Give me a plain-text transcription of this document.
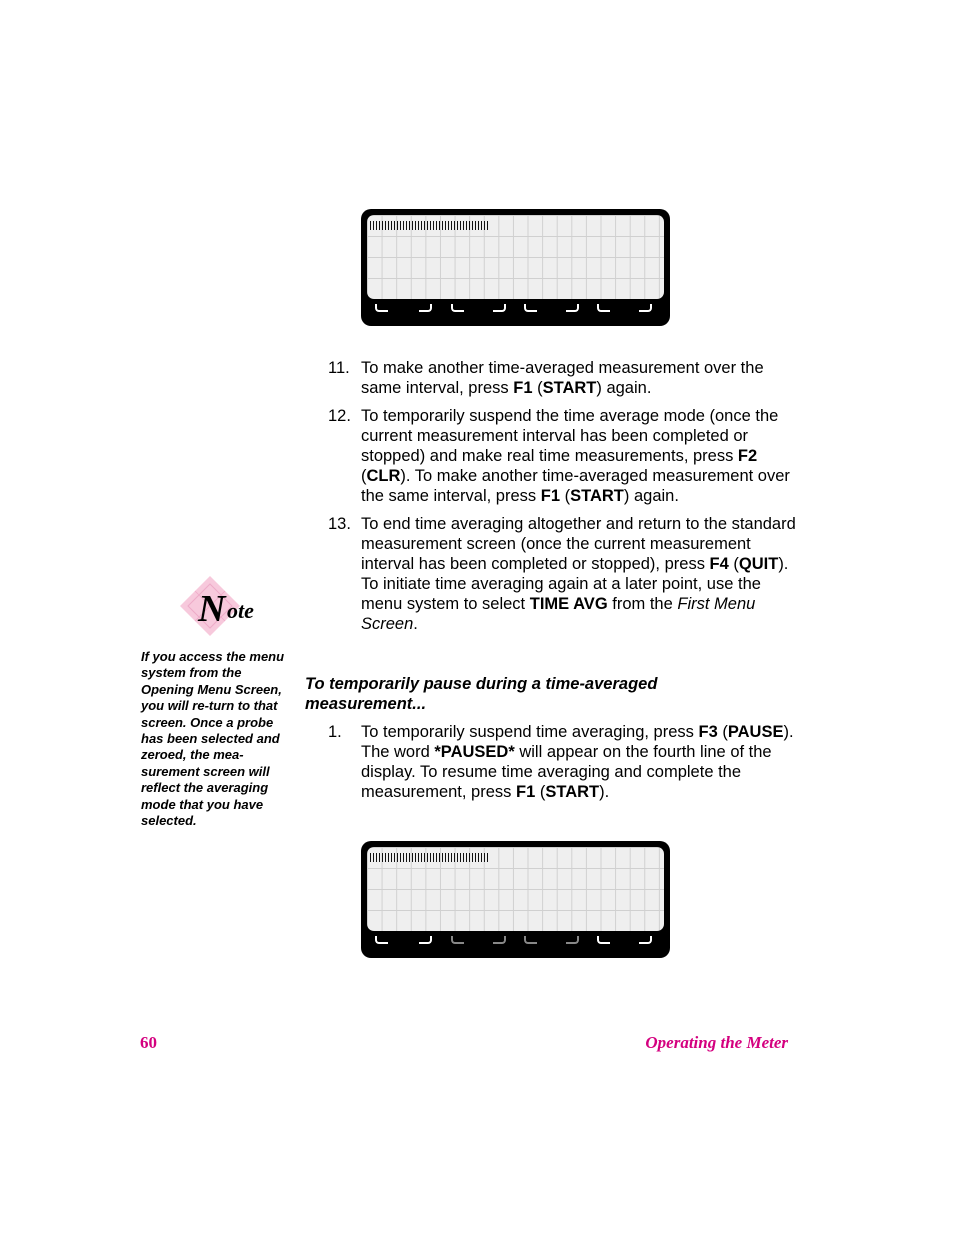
11. To make another time-averaged measurement over the same interval, press F1 (START) again.

12. To temporarily suspend the time average mode (once the current measurement interval has been completed or stopped) and make real time measurements, press F2 (CLR). To make another time-averaged measurement over the same interval, press F1 (START) again.

13. To end time averaging altogether and return to the standard measurement screen (once the current measurement interval has been completed or stopped), press F4 (QUIT). To initiate time averaging again at a later point, use the menu system to select TIME AVG from the First Menu Screen.

N ote
If you access the menu system from the Opening Menu Screen, you will re-turn to that screen. Once a probe has been selected and zeroed, the mea-surement screen will reflect the averaging mode that you have selected.
To temporarily pause during a time-averaged measurement...

1. To temporarily suspend time averaging, press F3 (PAUSE). The word *PAUSED* will appear on the fourth line of the display. To resume time averaging and complete the measurement, press F1 (START).

60	Operating the Meter
